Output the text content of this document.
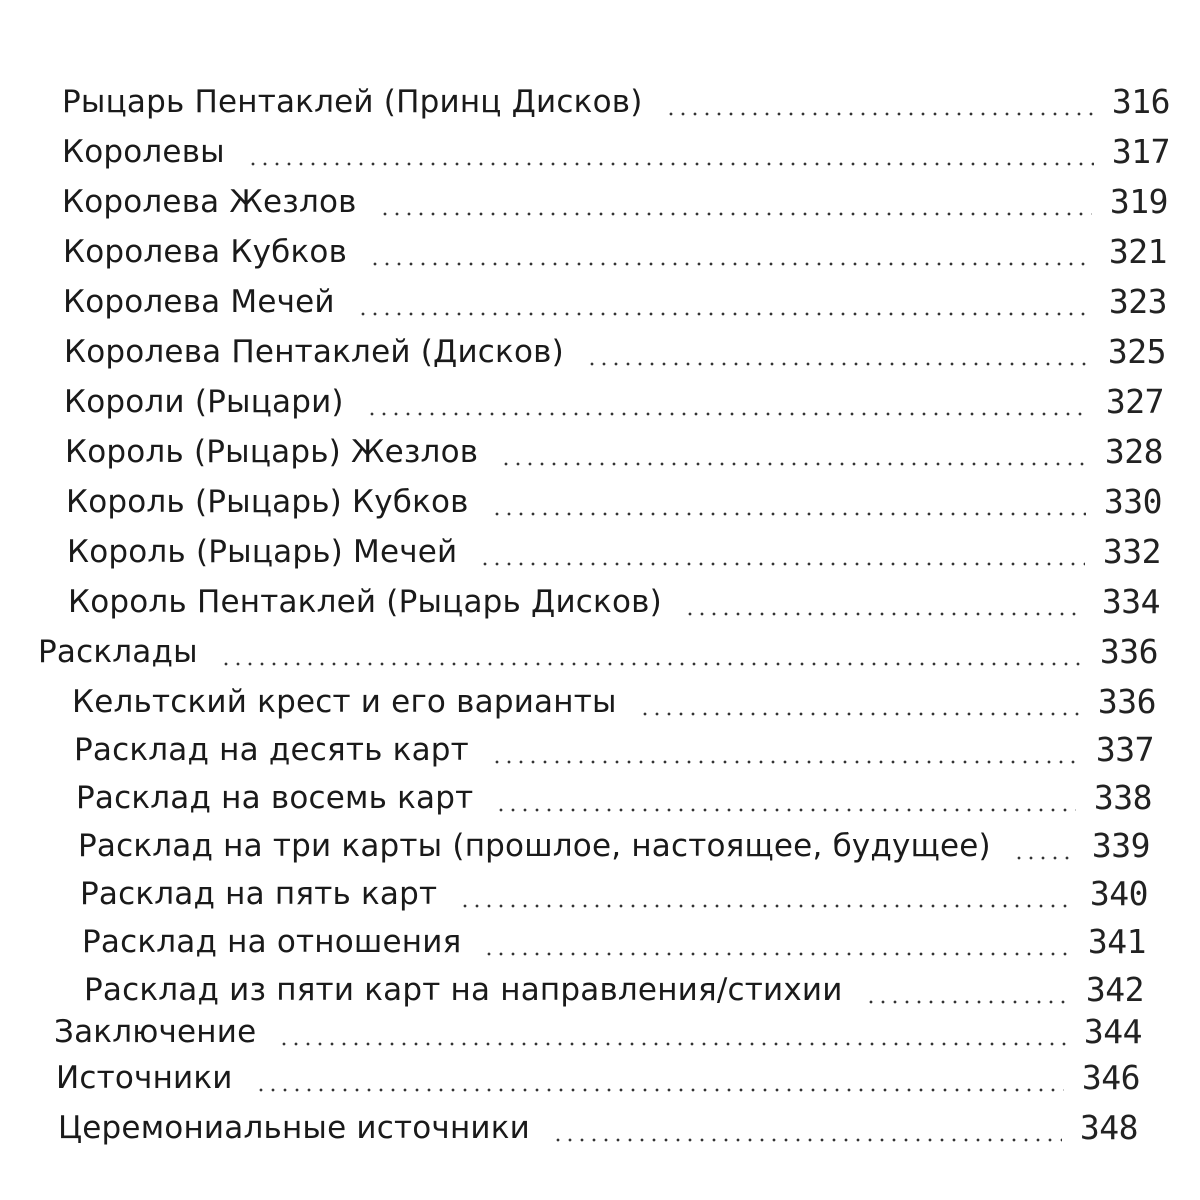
Рыцарь Пентаклей (Принц Дисков)	316
Королевы	317
Королева Жезлов	319
Королева Кубков	321
Королева Мечей	323
Королева Пентаклей (Дисков)	325
Короли (Рыцари)	327
Король (Рыцарь) Жезлов	328
Король (Рыцарь) Кубков	330
Король (Рыцарь) Мечей	332
Король Пентаклей (Рыцарь Дисков)	334
Расклады	336
Кельтский крест и его варианты	336
Расклад на десять карт	337
Расклад на восемь карт	338
Расклад на три карты (прошлое, настоящее, будущее)	339
Расклад на пять карт	340
Расклад на отношения	341
Расклад из пяти карт на направления/стихии	342
Заключение	344
Источники	346
Церемониальные источники	348
